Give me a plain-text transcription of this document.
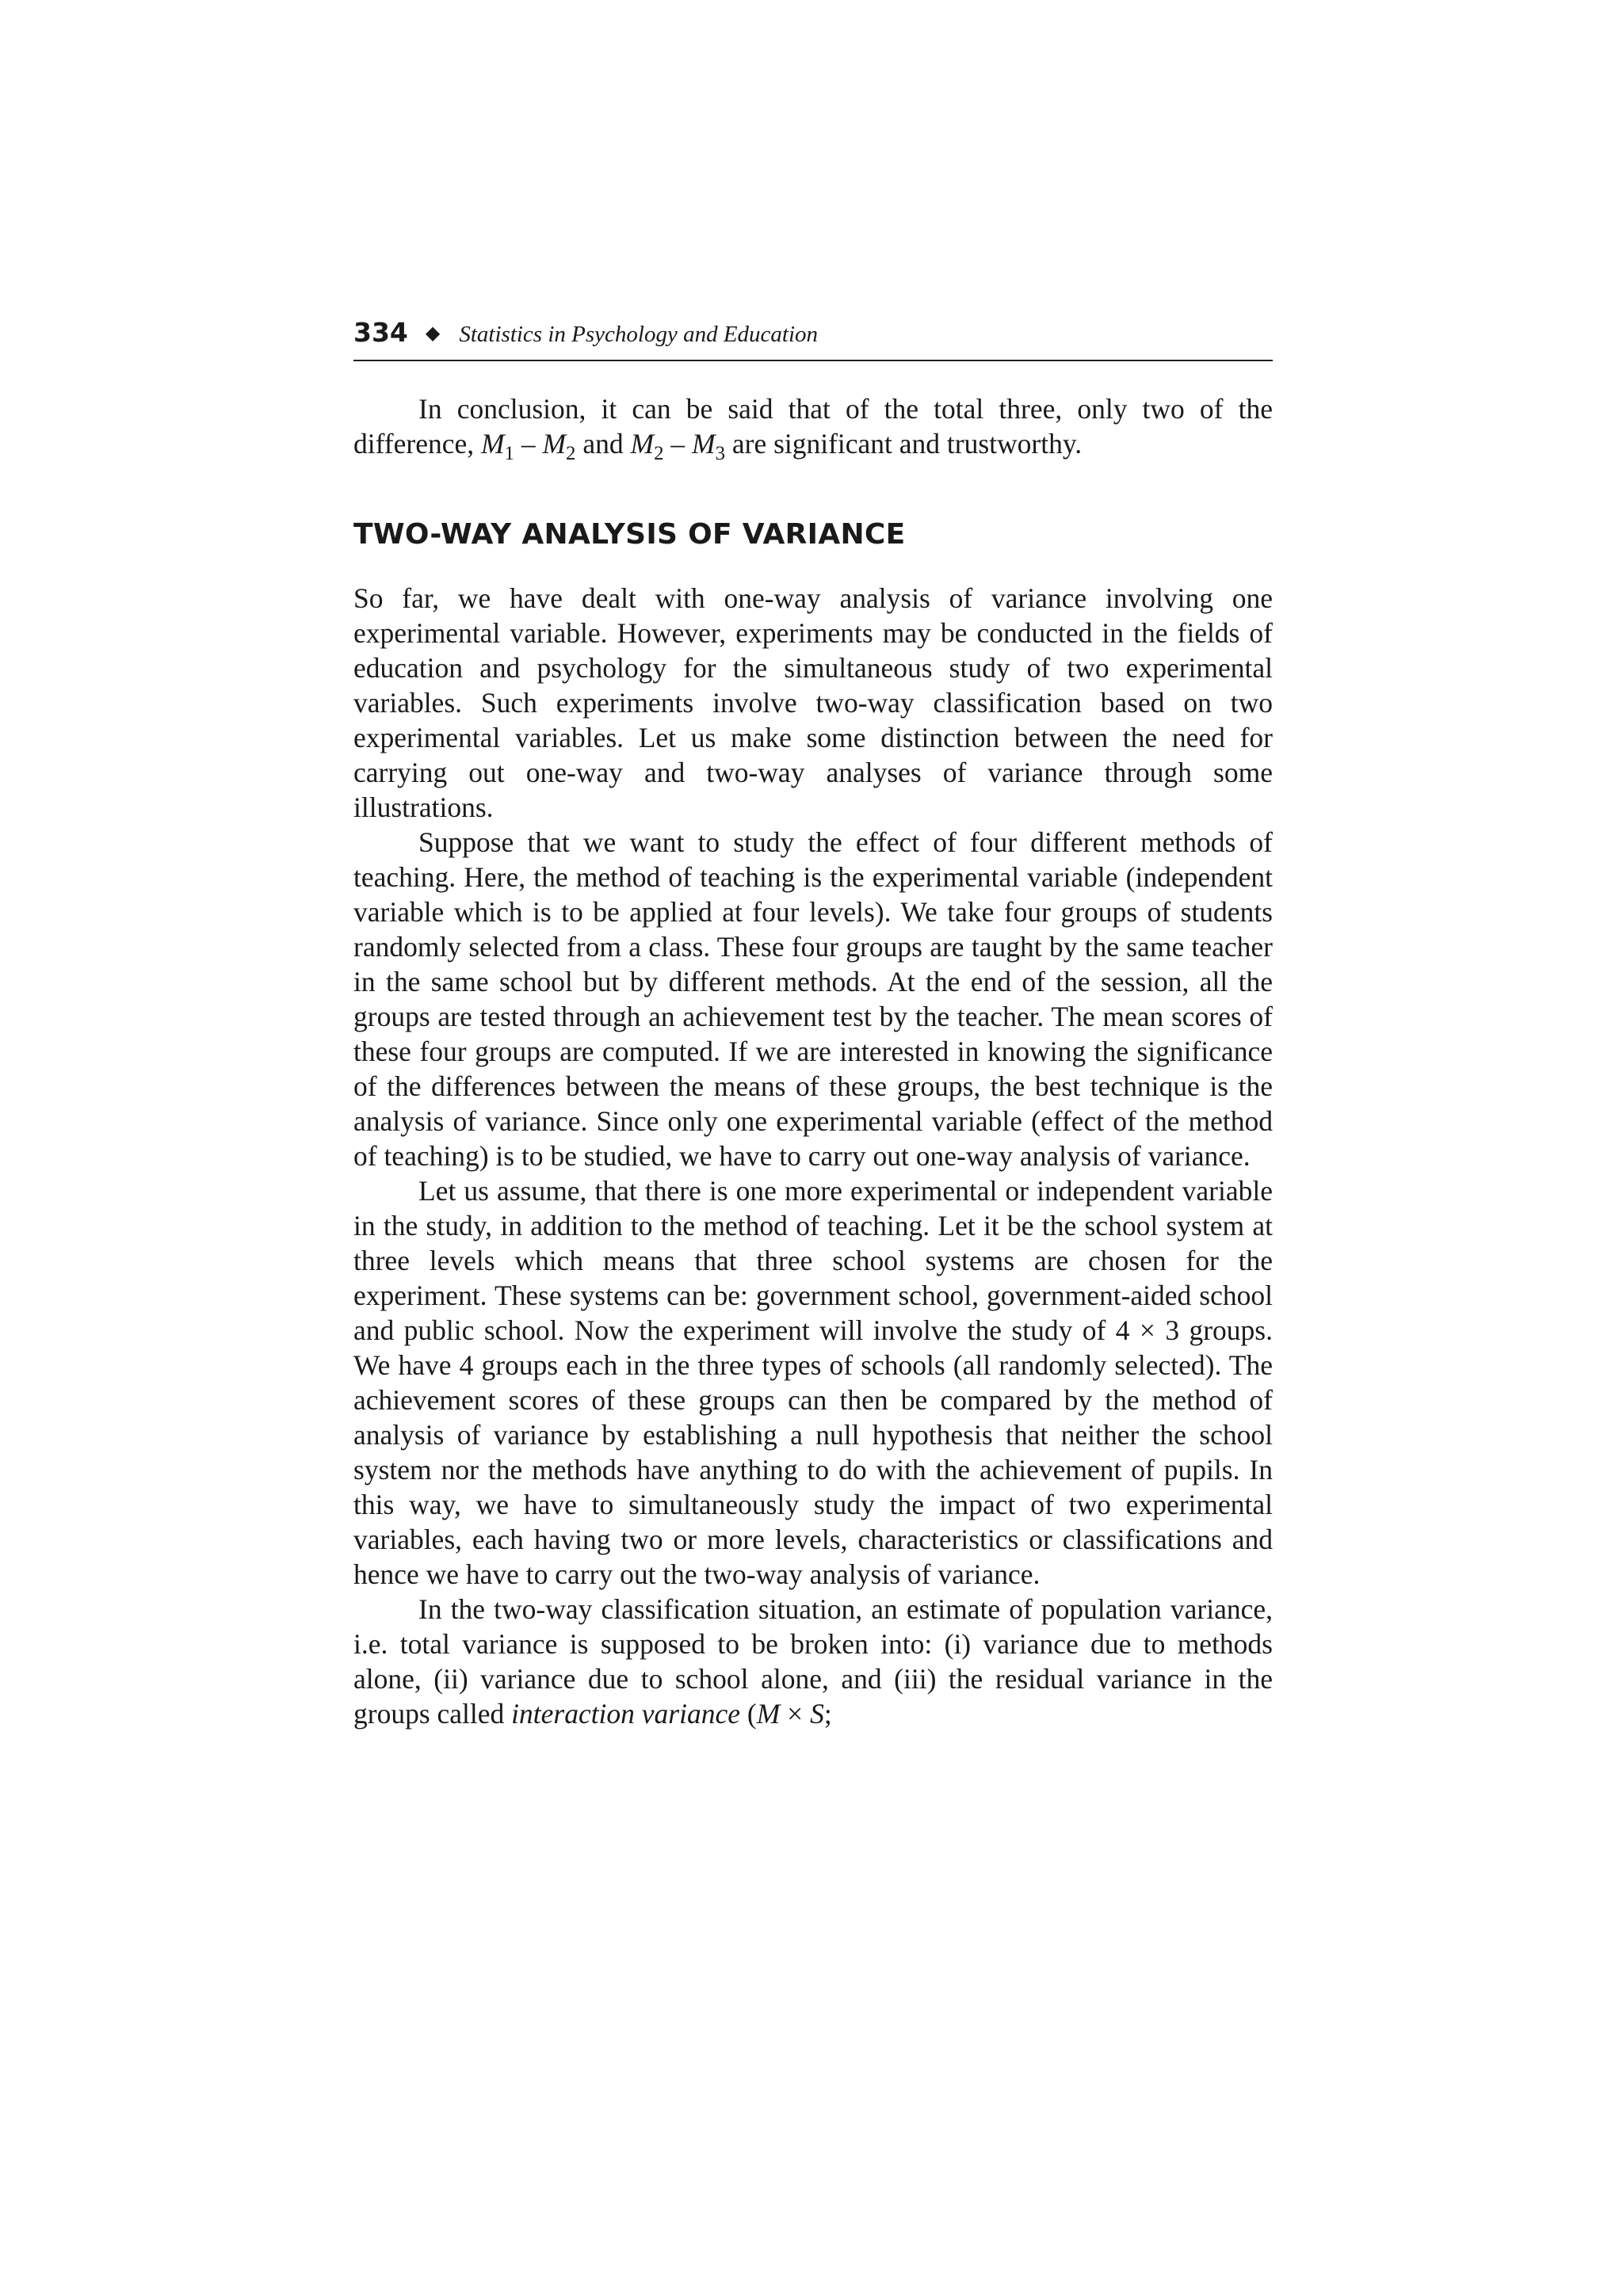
334 ◆ Statistics in Psychology and Education

In conclusion, it can be said that of the total three, only two of the difference, $M_1 - M_2$ and $M_2 - M_3$ are significant and trustworthy.

TWO-WAY ANALYSIS OF VARIANCE

So far, we have dealt with one-way analysis of variance involving one experimental variable. However, experiments may be conducted in the fields of education and psychology for the simultaneous study of two experimental variables. Such experiments involve two-way classification based on two experimental variables. Let us make some distinction between the need for carrying out one-way and two-way analyses of variance through some illustrations.

Suppose that we want to study the effect of four different methods of teaching. Here, the method of teaching is the experimental variable (independent variable which is to be applied at four levels). We take four groups of students randomly selected from a class. These four groups are taught by the same teacher in the same school but by different methods. At the end of the session, all the groups are tested through an achievement test by the teacher. The mean scores of these four groups are computed. If we are interested in knowing the significance of the differences between the means of these groups, the best technique is the analysis of variance. Since only one experimental variable (effect of the method of teaching) is to be studied, we have to carry out one-way analysis of variance.

Let us assume, that there is one more experimental or independent variable in the study, in addition to the method of teaching. Let it be the school system at three levels which means that three school systems are chosen for the experiment. These systems can be: government school, government-aided school and public school. Now the experiment will involve the study of 4 × 3 groups. We have 4 groups each in the three types of schools (all randomly selected). The achievement scores of these groups can then be compared by the method of analysis of variance by establishing a null hypothesis that neither the school system nor the methods have anything to do with the achievement of pupils. In this way, we have to simultaneously study the impact of two experimental variables, each having two or more levels, characteristics or classifications and hence we have to carry out the two-way analysis of variance.

In the two-way classification situation, an estimate of population variance, i.e. total variance is supposed to be broken into: (i) variance due to methods alone, (ii) variance due to school alone, and (iii) the residual variance in the groups called interaction variance (M × S;
